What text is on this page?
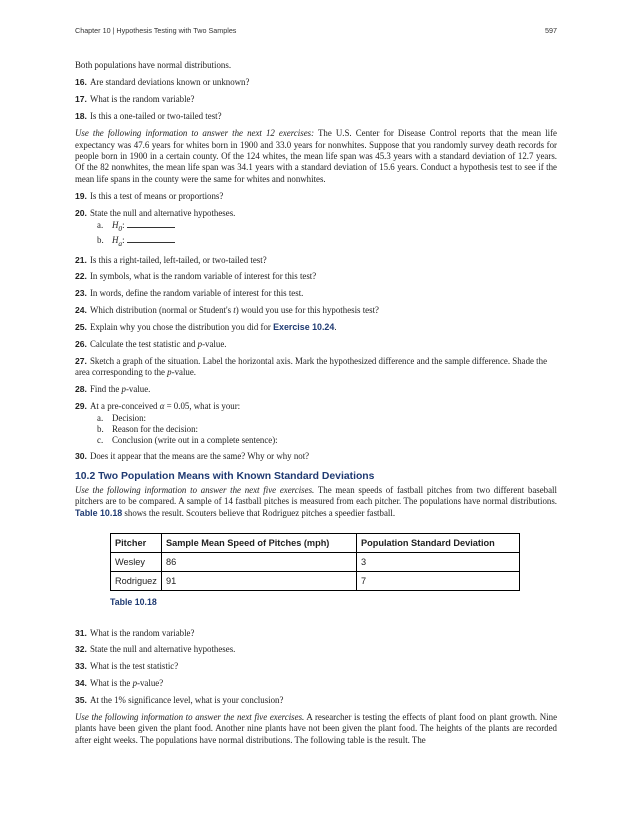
Chapter 10 | Hypothesis Testing with Two Samples	597

Both populations have normal distributions.

16. Are standard deviations known or unknown?

17. What is the random variable?

18. Is this a one-tailed or two-tailed test?

Use the following information to answer the next 12 exercises: The U.S. Center for Disease Control reports that the mean life expectancy was 47.6 years for whites born in 1900 and 33.0 years for nonwhites. Suppose that you randomly survey death records for people born in 1900 in a certain county. Of the 124 whites, the mean life span was 45.3 years with a standard deviation of 12.7 years. Of the 82 nonwhites, the mean life span was 34.1 years with a standard deviation of 15.6 years. Conduct a hypothesis test to see if the mean life spans in the county were the same for whites and nonwhites.

19. Is this a test of means or proportions?

20. State the null and alternative hypotheses.
a. $H_0$:
b. $H_a$:

21. Is this a right-tailed, left-tailed, or two-tailed test?

22. In symbols, what is the random variable of interest for this test?

23. In words, define the random variable of interest for this test.

24. Which distribution (normal or Student's t) would you use for this hypothesis test?

25. Explain why you chose the distribution you did for Exercise 10.24.

26. Calculate the test statistic and p-value.

27. Sketch a graph of the situation. Label the horizontal axis. Mark the hypothesized difference and the sample difference. Shade the area corresponding to the p-value.

28. Find the p-value.

29. At a pre-conceived α = 0.05, what is your:
a. Decision:
b. Reason for the decision:
c. Conclusion (write out in a complete sentence):

30. Does it appear that the means are the same? Why or why not?

10.2 Two Population Means with Known Standard Deviations

Use the following information to answer the next five exercises. The mean speeds of fastball pitches from two different baseball pitchers are to be compared. A sample of 14 fastball pitches is measured from each pitcher. The populations have normal distributions. Table 10.18 shows the result. Scouters believe that Rodriguez pitches a speedier fastball.

Pitcher	Sample Mean Speed of Pitches (mph)	Population Standard Deviation
Wesley	86	3
Rodriguez	91	7
Table 10.18

31. What is the random variable?

32. State the null and alternative hypotheses.

33. What is the test statistic?

34. What is the p-value?

35. At the 1% significance level, what is your conclusion?

Use the following information to answer the next five exercises. A researcher is testing the effects of plant food on plant growth. Nine plants have been given the plant food. Another nine plants have not been given the plant food. The heights of the plants are recorded after eight weeks. The populations have normal distributions. The following table is the result. The
